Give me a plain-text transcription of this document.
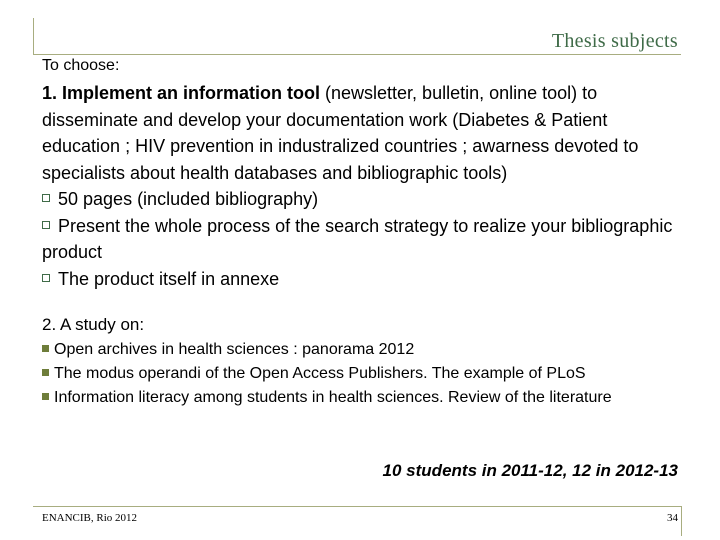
Thesis subjects
To choose:

1. Implement an information tool (newsletter, bulletin, online tool) to disseminate and develop your documentation work (Diabetes & Patient education ; HIV prevention in industralized countries ; awarness devoted to specialists about health databases and bibliographic tools)

50 pages (included bibliography)

Present the whole process of the search strategy to realize your bibliographic product

The product itself in annexe

2. A study on:

Open archives in health sciences : panorama 2012

The modus operandi of the Open Access Publishers. The example of PLoS

Information literacy among students in health sciences. Review of the literature

10 students in 2011-12, 12 in 2012-13
ENANCIB, Rio 2012	34
